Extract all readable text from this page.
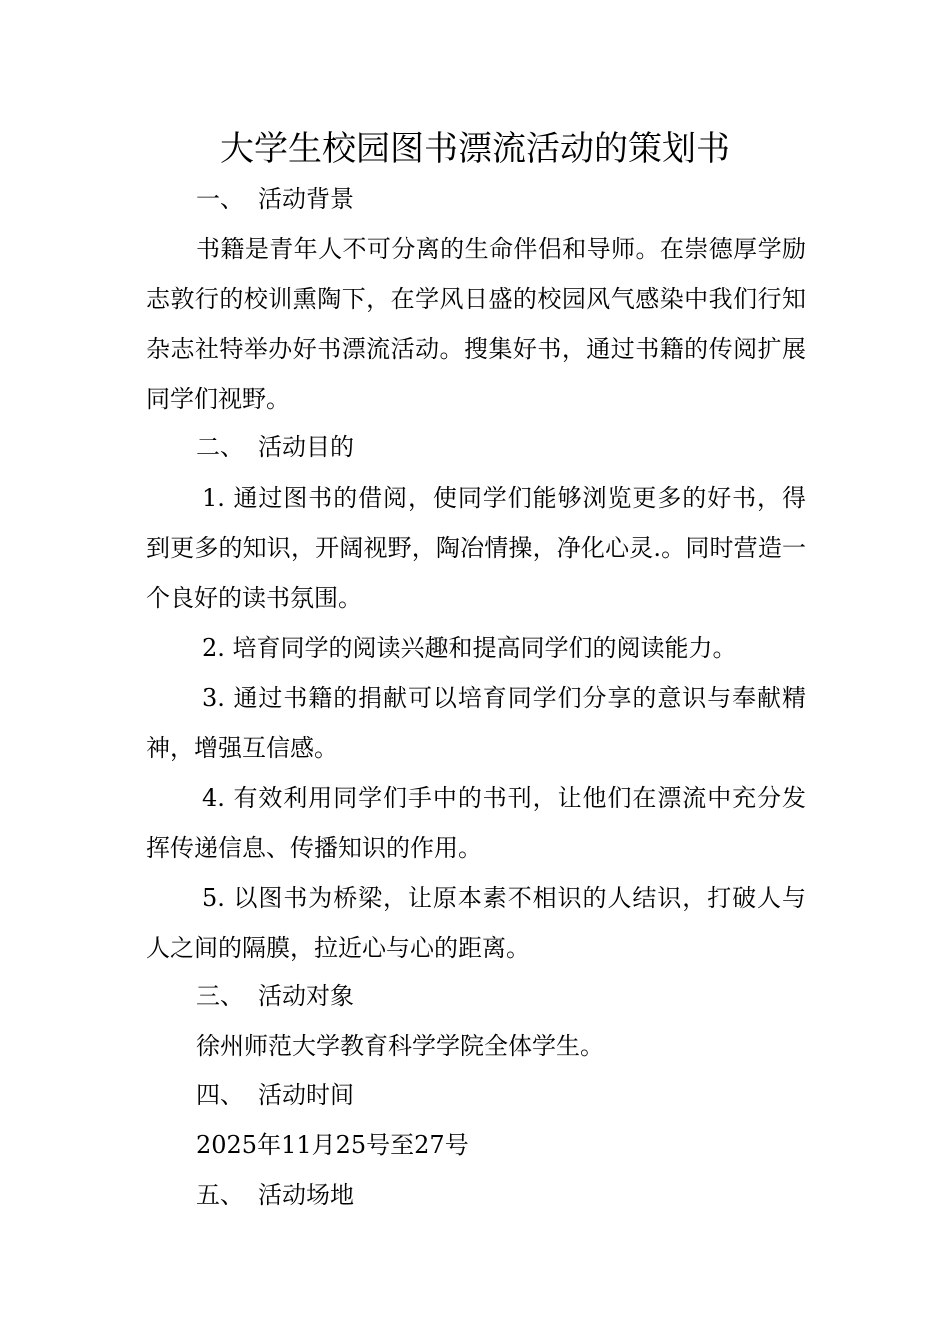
大学生校园图书漂流活动的策划书
一、 活动背景
书籍是青年人不可分离的生命伴侣和导师。在崇德厚学励志敦行的校训熏陶下，在学风日盛的校园风气感染中我们行知杂志社特举办好书漂流活动。搜集好书，通过书籍的传阅扩展同学们视野。
二、 活动目的
1. 通过图书的借阅，使同学们能够浏览更多的好书，得到更多的知识，开阔视野，陶冶情操，净化心灵.。同时营造一个良好的读书氛围。
2. 培育同学的阅读兴趣和提高同学们的阅读能力。
3. 通过书籍的捐献可以培育同学们分享的意识与奉献精神，增强互信感。
4. 有效利用同学们手中的书刊，让他们在漂流中充分发挥传递信息、传播知识的作用。
5. 以图书为桥梁，让原本素不相识的人结识，打破人与人之间的隔膜，拉近心与心的距离。
三、 活动对象
徐州师范大学教育科学学院全体学生。
四、 活动时间
2025年11月25号至27号
五、 活动场地
